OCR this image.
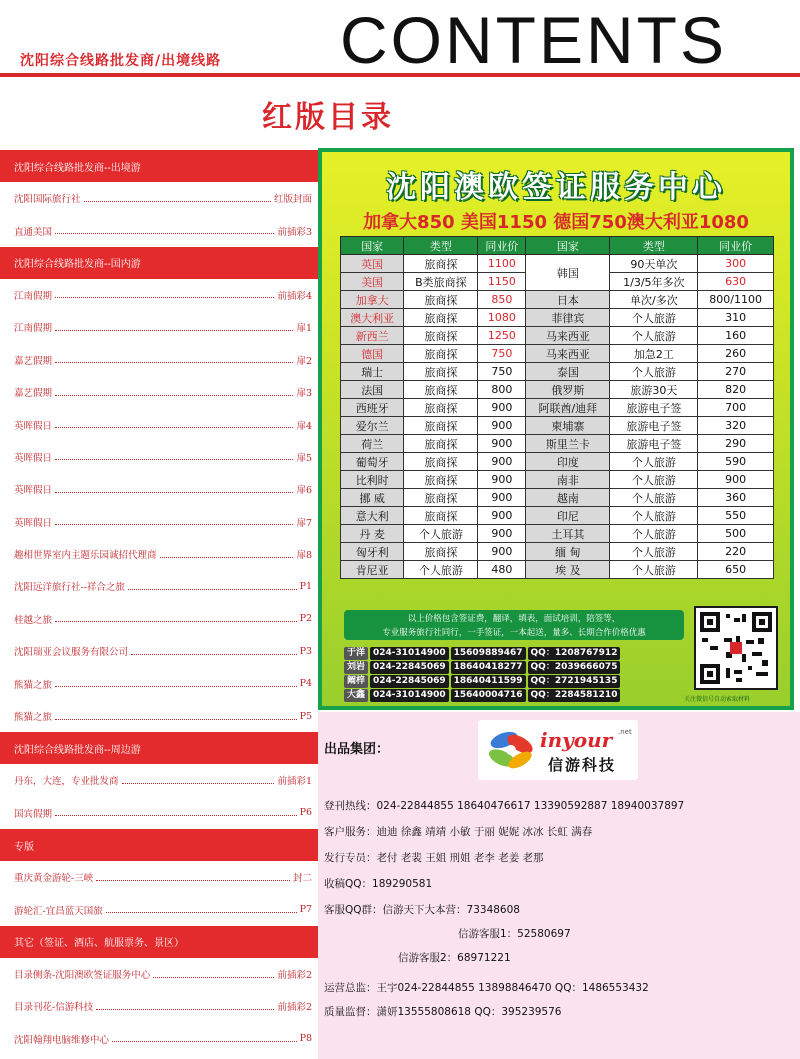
沈阳综合线路批发商/出境线路 CONTENTS
红版目录
沈阳综合线路批发商--出境游
沈阳国际旅行社	红版封面
直通美国	前插彩3
沈阳综合线路批发商--国内游
江南假期	前插彩4
江南假期	扉1
嘉艺假期	扉2
嘉艺假期	扉3
英晖假日	扉4
英晖假日	扉5
英晖假日	扉6
英晖假日	扉7
趣相世界室内主题乐园诚招代理商	扉8
沈阳远洋旅行社--祥合之旅	P1
桂越之旅	P2
沈阳瑞亚会议服务有限公司	P3
熊猫之旅	P4
熊猫之旅	P5
沈阳综合线路批发商--周边游
丹东，大连，专业批发商	前插彩1
国宾假期	P6
专版
重庆黄金游轮-三峡	封二
游轮汇-宜昌蓝天国旅	P7
其它（签证、酒店、航服票务、景区）
目录侧条-沈阳澳欧签证服务中心	前插彩2
目录刊花-信游科技	前插彩2
沈阳翰翔电脑维修中心	P8
沈阳澳欧签证服务中心
加拿大850 美国1150 德国750澳大利亚1080
国家	类型	同业价	国家	类型	同业价
英国	旅商探	1100	韩国	90天单次	300
美国	B类旅商探	1150		1/3/5年多次	630
加拿大	旅商探	850	日本	单次/多次	800/1100
澳大利亚	旅商探	1080	菲律宾	个人旅游	310
新西兰	旅商探	1250	马来西亚	个人旅游	160
德国	旅商探	750	马来西亚	加急2工	260
瑞士	旅商探	750	泰国	个人旅游	270
法国	旅商探	800	俄罗斯	旅游30天	820
西班牙	旅商探	900	阿联酋/迪拜	旅游电子签	700
爱尔兰	旅商探	900	柬埔寨	旅游电子签	320
荷兰	旅商探	900	斯里兰卡	旅游电子签	290
葡萄牙	旅商探	900	印度	个人旅游	590
比利时	旅商探	900	南非	个人旅游	900
挪 威	旅商探	900	越南	个人旅游	360
意大利	旅商探	900	印尼	个人旅游	550
丹 麦	个人旅游	900	土耳其	个人旅游	500
匈牙利	旅商探	900	缅 甸	个人旅游	220
肯尼亚	个人旅游	480	埃 及	个人旅游	650
以上价格包含签证费，翻译，填表，面试培训，陪签等，
专业服务旅行社同行，一手签证，一本起送，量多、长期合作价格优惠
于洋 024-31014900 15609889467 QQ：1208767912
刘岩 024-22845069 18640418277 QQ：2039666075
阚梓 024-22845069 18640411599 QQ：2721945135
大鑫 024-31014900 15640004716 QQ：2284581210	关注微信号自动索取材料
出品集团：	inyour .net
信游科技
登刊热线：024-22844855 18640476617 13390592887 18940037897
客户服务：迪迪 徐鑫 靖靖 小敏 于丽 妮妮 冰冰 长虹 满春
发行专员：老付 老裴 王姐 刑姐 老李 老姜 老那
收稿QQ：189290581
客服QQ群：信游天下大本营：73348608
信游客服1：52580697
信游客服2：68971221
运营总监：王宇024-22844855 13898846470 QQ：1486553432
质量监督：潇妍13555808618 QQ：395239576
